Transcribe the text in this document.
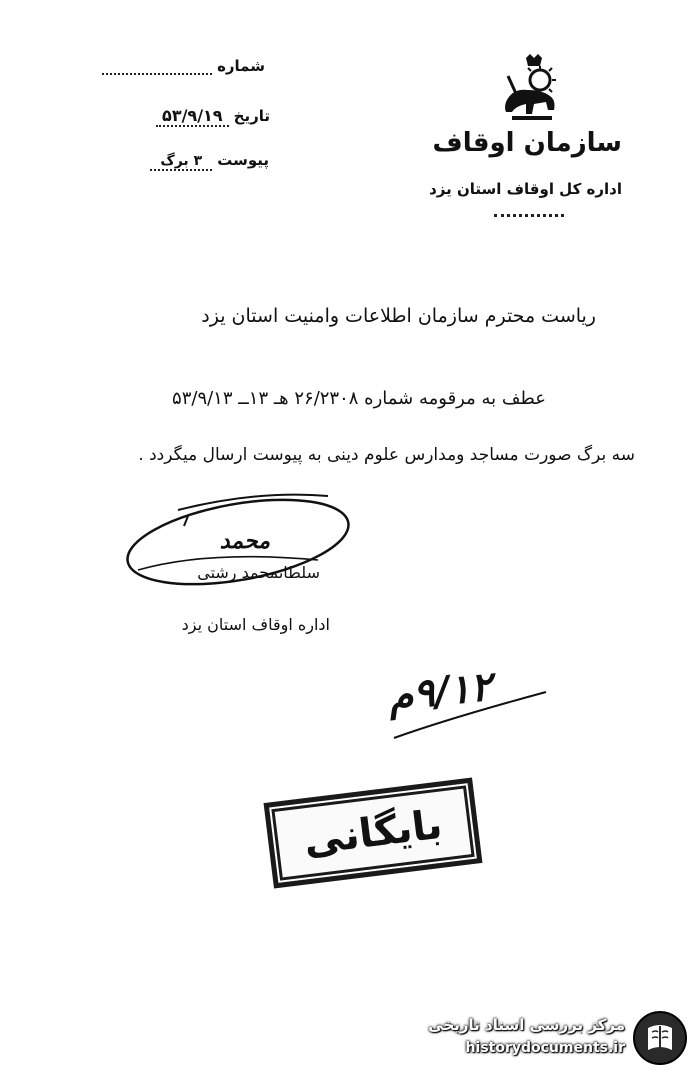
شماره
تاریخ ۵۳/۹/۱۹
پیوست ۳ برگ
سازمان اوقاف
اداره کل اوقاف استان یزد
ریاست محترم سازمان اطلاعات وامنیت استان یزد
عطف به مرقومه شماره ۲۶/۲۳۰۸ هـ ۱۳ــ ۵۳/۹/۱۳
سه برگ صورت مساجد ومدارس علوم دینی به پیوست ارسال میگردد .
محمد
سلطانمحمد رشتی
اداره اوقاف استان یزد
۹/۱۲م
بایگانی
مرکز بررسی اسناد تاریخی
historydocuments.ir
